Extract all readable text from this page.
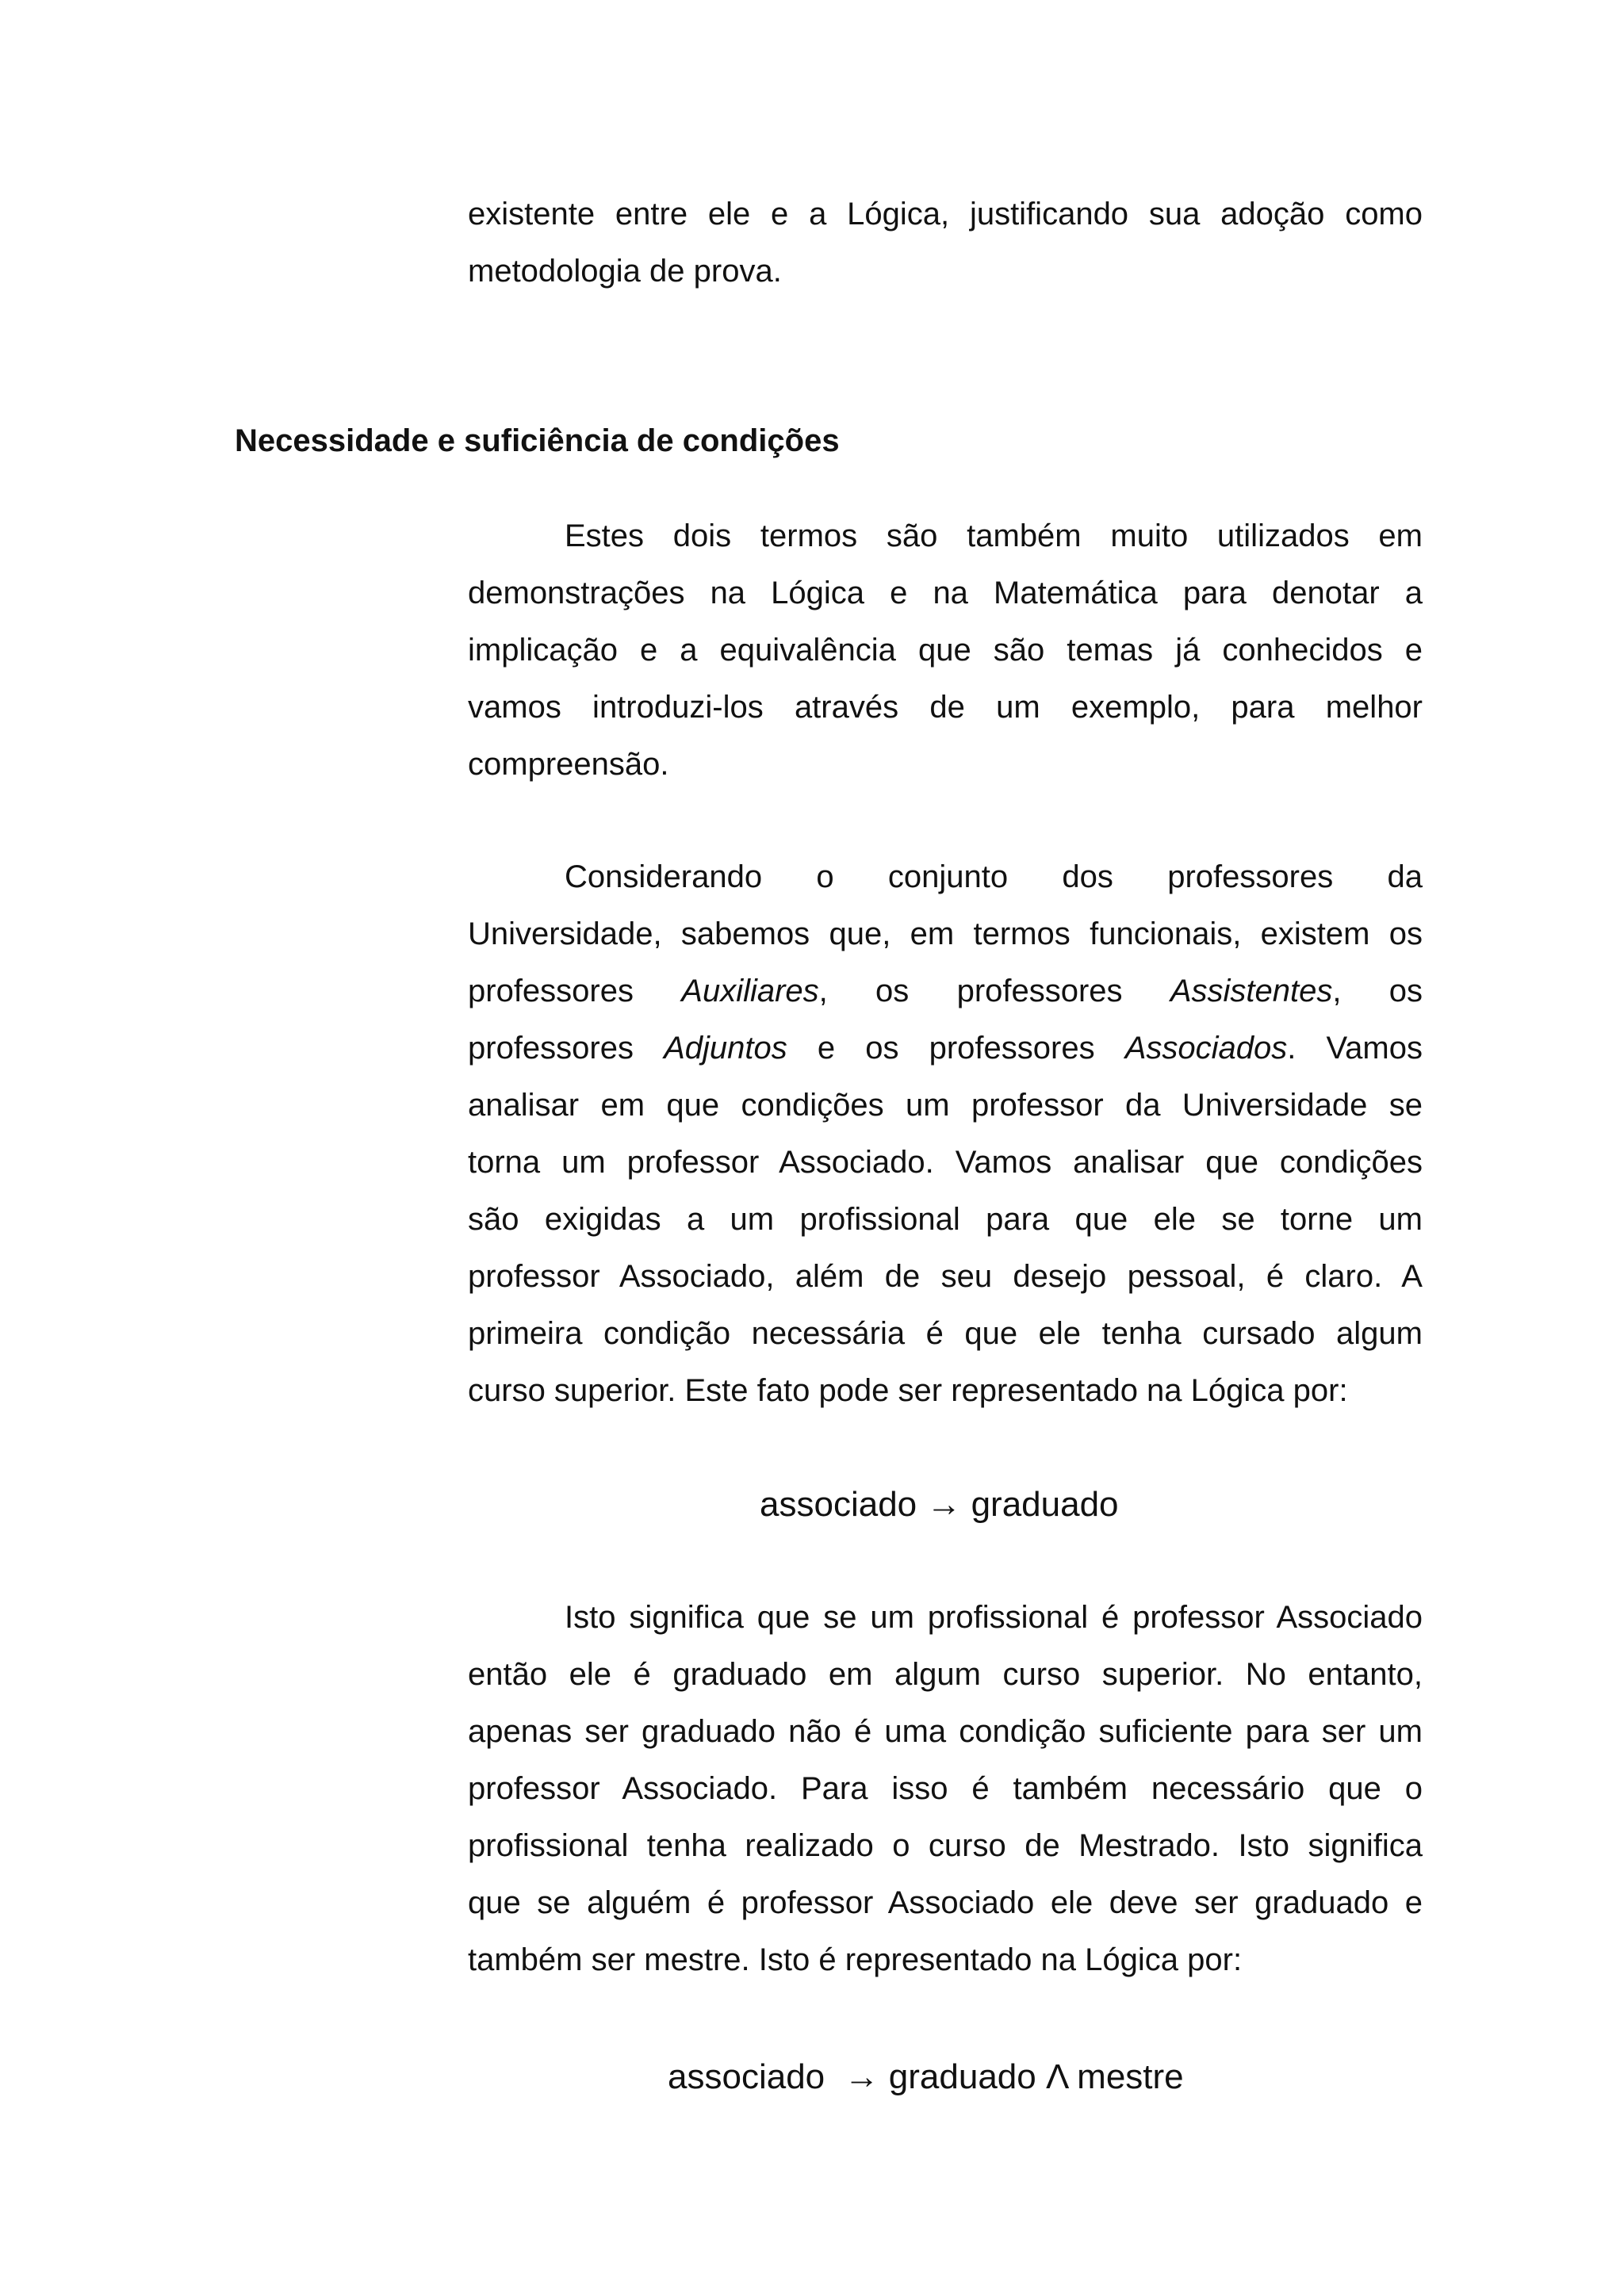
existente entre ele e a Lógica, justificando sua adoção como
metodologia de prova.
Necessidade e suficiência de condições
Estes dois termos são também muito utilizados em
demonstrações na Lógica e na Matemática para denotar a
implicação e a equivalência que são temas já conhecidos e
vamos introduzi-los através de um exemplo, para melhor
compreensão.
Considerando o conjunto dos professores da
Universidade, sabemos que, em termos funcionais, existem os
professores Auxiliares, os professores Assistentes, os
professores Adjuntos e os professores Associados. Vamos
analisar em que condições um professor da Universidade se
torna um professor Associado. Vamos analisar que condições
são exigidas a um profissional para que ele se torne um
professor Associado, além de seu desejo pessoal, é claro. A
primeira condição necessária é que ele tenha cursado algum
curso superior. Este fato pode ser representado na Lógica por:

associado → graduado

Isto significa que se um profissional é professor Associado
então ele é graduado em algum curso superior. No entanto,
apenas ser graduado não é uma condição suficiente para ser um
professor Associado. Para isso é também necessário que o
profissional tenha realizado o curso de Mestrado. Isto significa
que se alguém é professor Associado ele deve ser graduado e
também ser mestre. Isto é representado na Lógica por:

associado  → graduado Λ mestre
